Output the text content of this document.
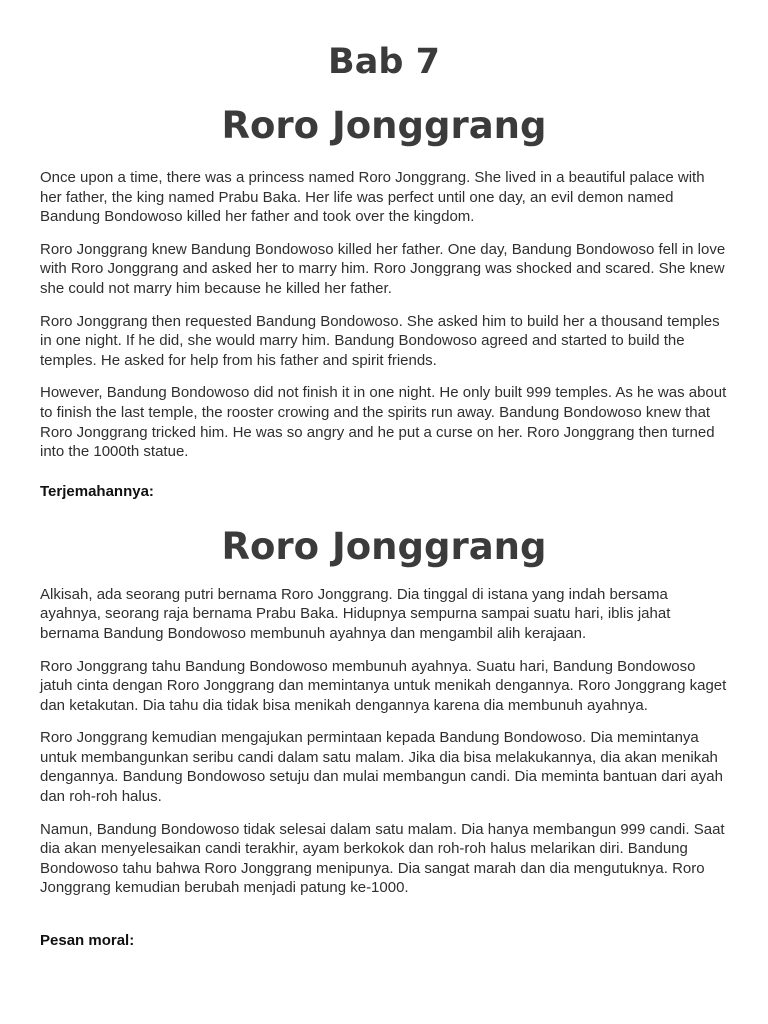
Bab 7
Roro Jonggrang

Once upon a time, there was a princess named Roro Jonggrang. She lived in a beautiful palace with her father, the king named Prabu Baka. Her life was perfect until one day, an evil demon named Bandung Bondowoso killed her father and took over the kingdom.

Roro Jonggrang knew Bandung Bondowoso killed her father. One day, Bandung Bondowoso fell in love with Roro Jonggrang and asked her to marry him. Roro Jonggrang was shocked and scared. She knew she could not marry him because he killed her father.

Roro Jonggrang then requested Bandung Bondowoso. She asked him to build her a thousand temples in one night. If he did, she would marry him. Bandung Bondowoso agreed and started to build the temples. He asked for help from his father and spirit friends.

However, Bandung Bondowoso did not finish it in one night. He only built 999 temples. As he was about to finish the last temple, the rooster crowing and the spirits run away. Bandung Bondowoso knew that Roro Jonggrang tricked him. He was so angry and he put a curse on her. Roro Jonggrang then turned into the 1000th statue.

Terjemahannya:

Roro Jonggrang

Alkisah, ada seorang putri bernama Roro Jonggrang. Dia tinggal di istana yang indah bersama ayahnya, seorang raja bernama Prabu Baka. Hidupnya sempurna sampai suatu hari, iblis jahat bernama Bandung Bondowoso membunuh ayahnya dan mengambil alih kerajaan.

Roro Jonggrang tahu Bandung Bondowoso membunuh ayahnya. Suatu hari, Bandung Bondowoso jatuh cinta dengan Roro Jonggrang dan memintanya untuk menikah dengannya. Roro Jonggrang kaget dan ketakutan. Dia tahu dia tidak bisa menikah dengannya karena dia membunuh ayahnya.

Roro Jonggrang kemudian mengajukan permintaan kepada Bandung Bondowoso. Dia memintanya untuk membangunkan seribu candi dalam satu malam. Jika dia bisa melakukannya, dia akan menikah dengannya. Bandung Bondowoso setuju dan mulai membangun candi. Dia meminta bantuan dari ayah dan roh-roh halus.

Namun, Bandung Bondowoso tidak selesai dalam satu malam. Dia hanya membangun 999 candi. Saat dia akan menyelesaikan candi terakhir, ayam berkokok dan roh-roh halus melarikan diri. Bandung Bondowoso tahu bahwa Roro Jonggrang menipunya. Dia sangat marah dan dia mengutuknya. Roro Jonggrang kemudian berubah menjadi patung ke-1000.

Pesan moral:
